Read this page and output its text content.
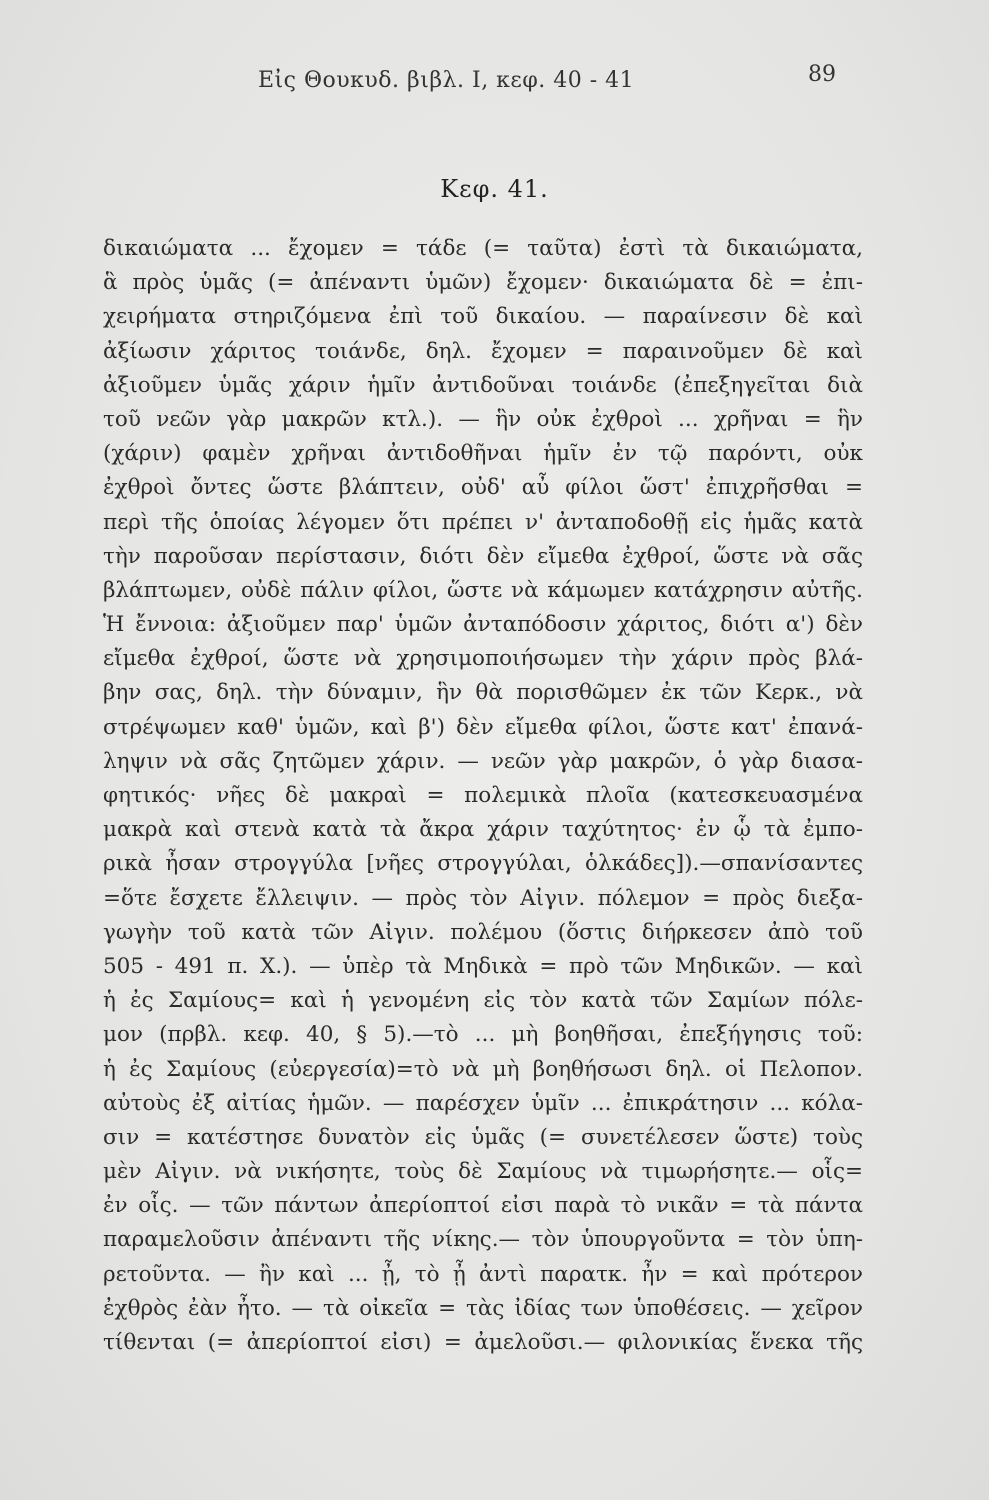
Εἰς Θουκυδ. βιβλ. I, κεφ. 40 - 41	89
Κεφ. 41.
δικαιώματα ... ἔχομεν = τάδε (= ταῦτα) ἐστὶ τὰ δικαιώματα,
ἃ πρὸς ὑμᾶς (= ἀπέναντι ὑμῶν) ἔχομεν· δικαιώματα δὲ = ἐπι-
χειρήματα στηριζόμενα ἐπὶ τοῦ δικαίου. — παραίνεσιν δὲ καὶ
ἀξίωσιν χάριτος τοιάνδε, δηλ. ἔχομεν = παραινοῦμεν δὲ καὶ
ἀξιοῦμεν ὑμᾶς χάριν ἡμῖν ἀντιδοῦναι τοιάνδε (ἐπεξηγεῖται διὰ
τοῦ νεῶν γὰρ μακρῶν κτλ.). — ἣν οὐκ ἐχθροὶ ... χρῆναι = ἣν
(χάριν) φαμὲν χρῆναι ἀντιδοθῆναι ἡμῖν ἐν τῷ παρόντι, οὐκ
ἐχθροὶ ὄντες ὥστε βλάπτειν, οὐδ' αὖ φίλοι ὥστ' ἐπιχρῆσθαι =
περὶ τῆς ὁποίας λέγομεν ὅτι πρέπει ν' ἀνταποδοθῇ εἰς ἡμᾶς κατὰ
τὴν παροῦσαν περίστασιν, διότι δὲν εἴμεθα ἐχθροί, ὥστε νὰ σᾶς
βλάπτωμεν, οὐδὲ πάλιν φίλοι, ὥστε νὰ κάμωμεν κατάχρησιν αὐτῆς.
Ἡ ἔννοια: ἀξιοῦμεν παρ' ὑμῶν ἀνταπόδοσιν χάριτος, διότι α') δὲν
εἴμεθα ἐχθροί, ὥστε νὰ χρησιμοποιήσωμεν τὴν χάριν πρὸς βλά-
βην σας, δηλ. τὴν δύναμιν, ἣν θὰ πορισθῶμεν ἐκ τῶν Κερκ., νὰ
στρέψωμεν καθ' ὑμῶν, καὶ β') δὲν εἴμεθα φίλοι, ὥστε κατ' ἐπανά-
ληψιν νὰ σᾶς ζητῶμεν χάριν. — νεῶν γὰρ μακρῶν, ὁ γὰρ διασα-
φητικός· νῆες δὲ μακραὶ = πολεμικὰ πλοῖα (κατεσκευασμένα
μακρὰ καὶ στενὰ κατὰ τὰ ἄκρα χάριν ταχύτητος· ἐν ᾧ τὰ ἐμπο-
ρικὰ ἦσαν στρογγύλα [νῆες στρογγύλαι, ὁλκάδες]).—σπανίσαντες
=ὅτε ἔσχετε ἔλλειψιν. — πρὸς τὸν Αἰγιν. πόλεμον = πρὸς διεξα-
γωγὴν τοῦ κατὰ τῶν Αἰγιν. πολέμου (ὅστις διήρκεσεν ἀπὸ τοῦ
505 - 491 π. Χ.). — ὑπὲρ τὰ Μηδικὰ = πρὸ τῶν Μηδικῶν. — καὶ
ἡ ἐς Σαμίους= καὶ ἡ γενομένη εἰς τὸν κατὰ τῶν Σαμίων πόλε-
μον (πρβλ. κεφ. 40, § 5).—τὸ ... μὴ βοηθῆσαι, ἐπεξήγησις τοῦ:
ἡ ἐς Σαμίους (εὐεργεσία)=τὸ νὰ μὴ βοηθήσωσι δηλ. οἱ Πελοπον.
αὐτοὺς ἐξ αἰτίας ἡμῶν. — παρέσχεν ὑμῖν ... ἐπικράτησιν ... κόλα-
σιν = κατέστησε δυνατὸν εἰς ὑμᾶς (= συνετέλεσεν ὥστε) τοὺς
μὲν Αἰγιν. νὰ νικήσητε, τοὺς δὲ Σαμίους νὰ τιμωρήσητε.— οἷς=
ἐν οἷς. — τῶν πάντων ἀπερίοπτοί εἰσι παρὰ τὸ νικᾶν = τὰ πάντα
παραμελοῦσιν ἀπέναντι τῆς νίκης.— τὸν ὑπουργοῦντα = τὸν ὑπη-
ρετοῦντα. — ἢν καὶ ... ᾖ, τὸ ᾖ ἀντὶ παρατκ. ἦν = καὶ πρότερον
ἐχθρὸς ἐὰν ἦτο. — τὰ οἰκεῖα = τὰς ἰδίας των ὑποθέσεις. — χεῖρον
τίθενται (= ἀπερίοπτοί εἰσι) = ἀμελοῦσι.— φιλονικίας ἕνεκα τῆς
